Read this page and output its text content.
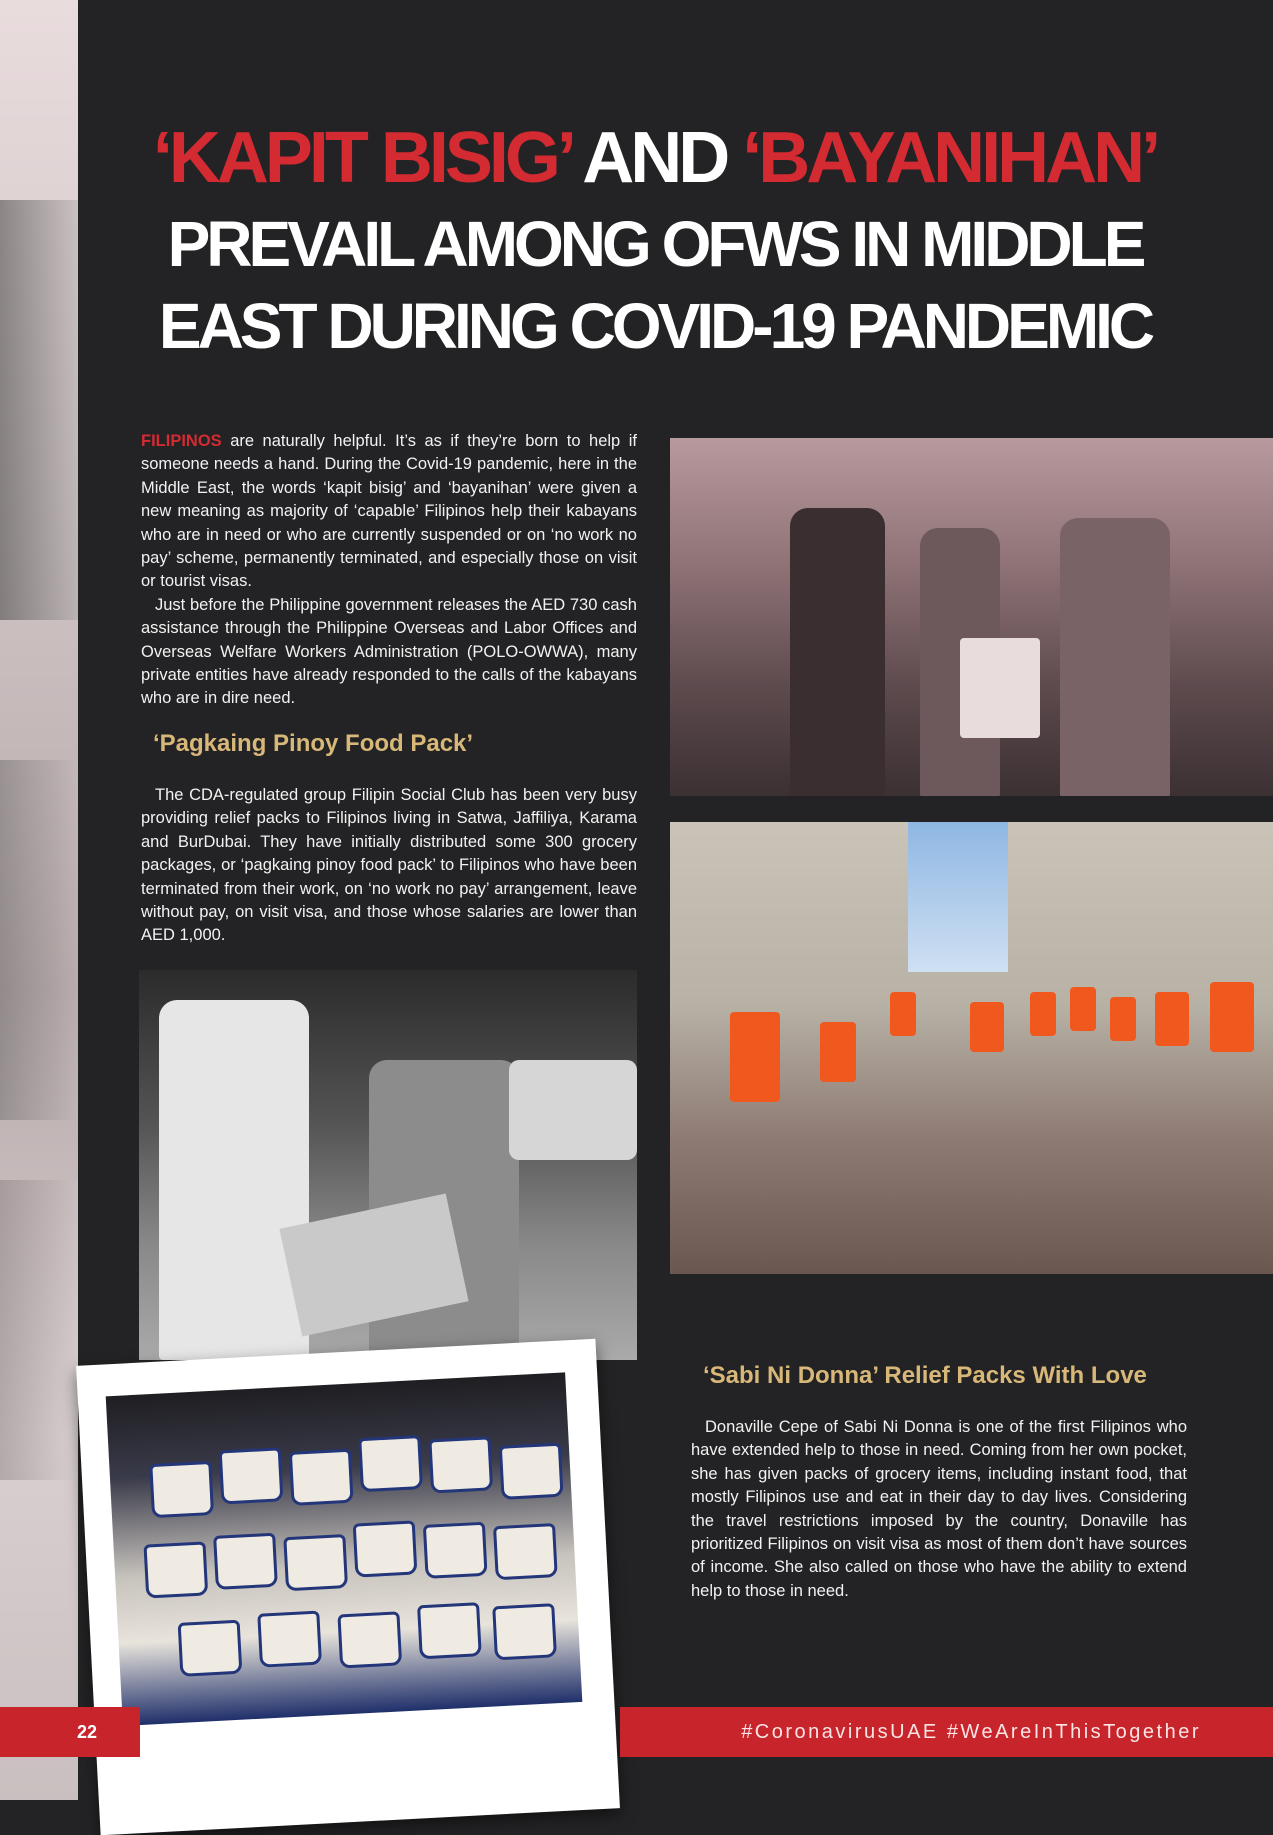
‘KAPIT BISIG’ AND ‘BAYANIHAN’
PREVAIL AMONG OFWS IN MIDDLE
EAST DURING COVID-19 PANDEMIC

FILIPINOS are naturally helpful. It’s as if they’re born to help if someone needs a hand. During the Covid-19 pandemic, here in the Middle East, the words ‘kapit bisig’ and ‘bayanihan’ were given a new meaning as majority of ‘capable’ Filipinos help their kabayans who are in need or who are currently suspended or on ‘no work no pay’ scheme, permanently terminated, and especially those on visit or tourist visas.

Just before the Philippine government releases the AED 730 cash assistance through the Philippine Overseas and Labor Offices and Overseas Welfare Workers Administration (POLO-OWWA), many private entities have already responded to the calls of the kabayans who are in dire need.

‘Pagkaing Pinoy Food Pack’

The CDA-regulated group Filipin Social Club has been very busy providing relief packs to Filipinos living in Satwa, Jaffiliya, Karama and BurDubai. They have initially distributed some 300 grocery packages, or ‘pagkaing pinoy food pack’ to Filipinos who have been terminated from their work, on ‘no work no pay’ arrangement, leave without pay, on visit visa, and those whose salaries are lower than AED 1,000.

‘Sabi Ni Donna’ Relief Packs With Love

Donaville Cepe of Sabi Ni Donna is one of the first Filipinos who have extended help to those in need. Coming from her own pocket, she has given packs of grocery items, including instant food, that mostly Filipinos use and eat in their day to day lives. Considering the travel restrictions imposed by the country, Donaville has prioritized Filipinos on visit visa as most of them don’t have sources of income. She also called on those who have the ability to extend help to those in need.

22	#CoronavirusUAE #WeAreInThisTogether
